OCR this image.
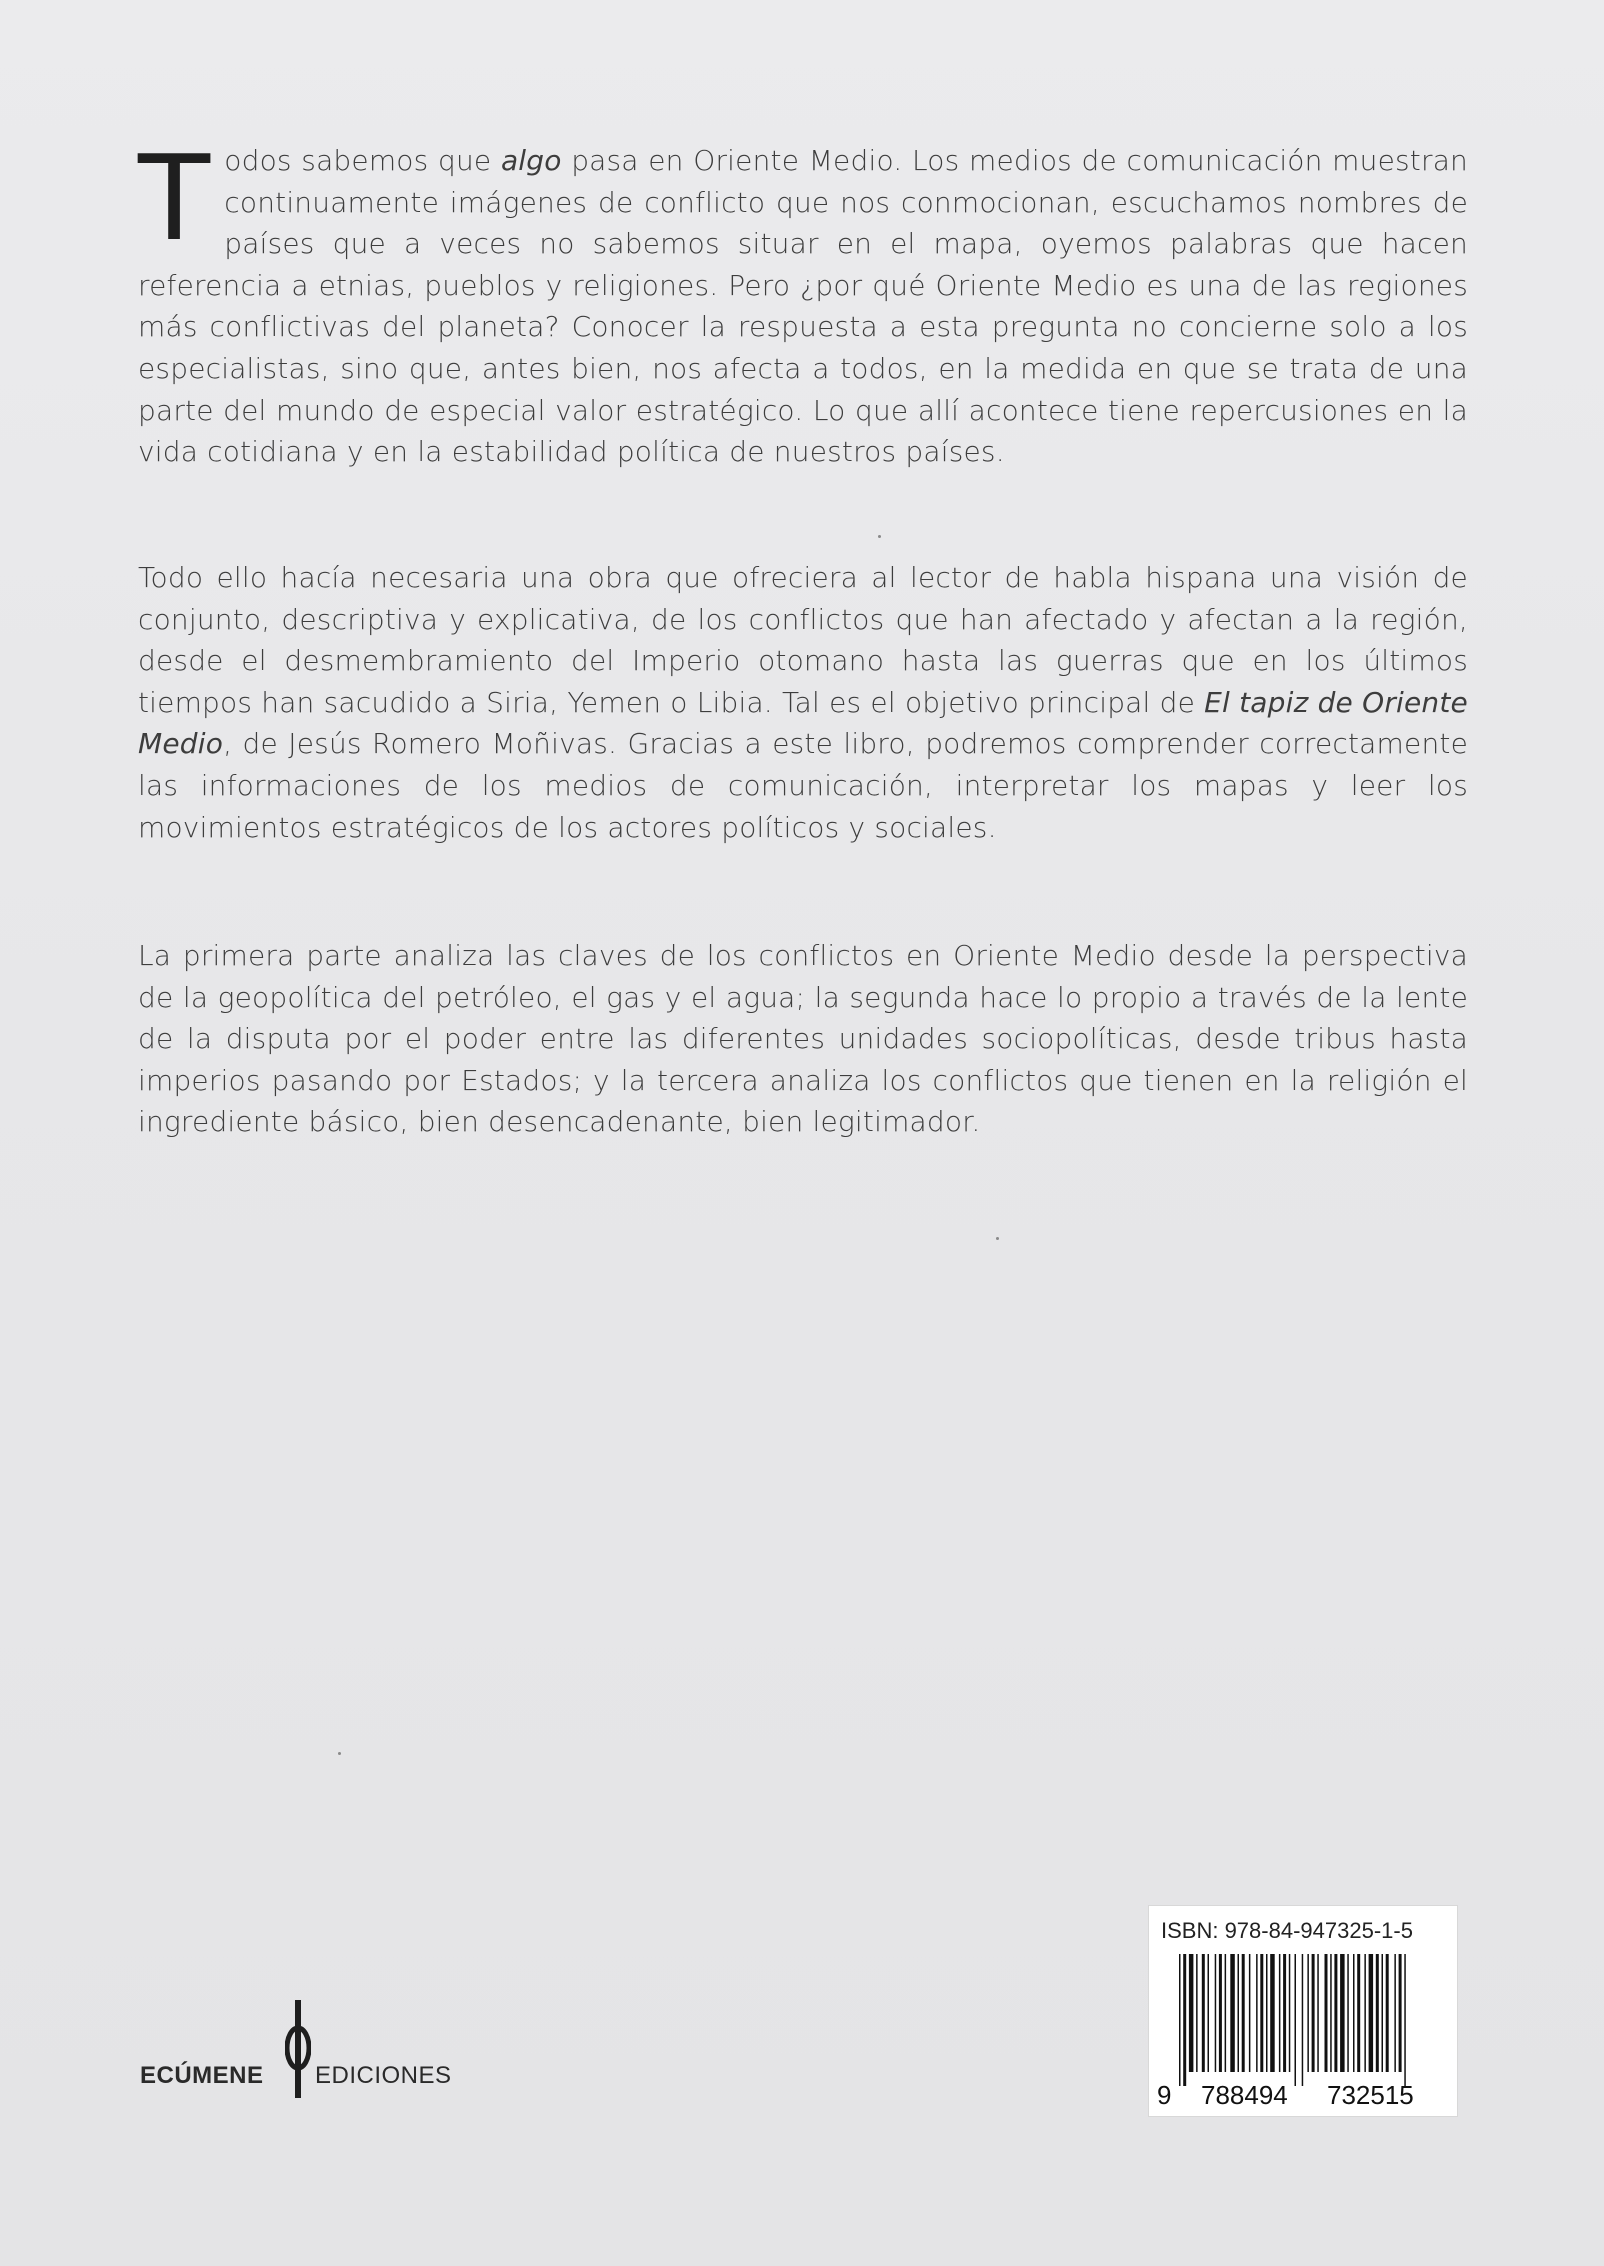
Todos sabemos que algo pasa en Oriente Medio. Los medios de comunicación muestran continuamente imágenes de conflicto que nos conmocionan, escuchamos nombres de países que a veces no sabemos situar en el mapa, oyemos palabras que hacen referencia a etnias, pueblos y religiones. Pero ¿por qué Oriente Medio es una de las regiones más conflictivas del planeta? Conocer la respuesta a esta pregunta no concierne solo a los especialistas, sino que, antes bien, nos afecta a todos, en la medida en que se trata de una parte del mundo de especial valor estratégico. Lo que allí acontece tiene repercusiones en la vida cotidiana y en la estabilidad política de nuestros países.

Todo ello hacía necesaria una obra que ofreciera al lector de habla hispana una visión de conjunto, descriptiva y explicativa, de los conflictos que han afectado y afectan a la región, desde el desmembramiento del Imperio otomano hasta las guerras que en los últimos tiempos han sacudido a Siria, Yemen o Libia. Tal es el objetivo principal de El tapiz de Oriente Medio, de Jesús Romero Moñivas. Gracias a este libro, podremos comprender correctamente las informaciones de los medios de comunicación, interpretar los mapas y leer los movimientos estratégicos de los actores políticos y sociales.

La primera parte analiza las claves de los conflictos en Oriente Medio desde la perspectiva de la geopolítica del petróleo, el gas y el agua; la segunda hace lo propio a través de la lente de la disputa por el poder entre las diferentes unidades sociopolíticas, desde tribus hasta imperios pasando por Estados; y la tercera analiza los conflictos que tienen en la religión el ingrediente básico, bien desencadenante, bien legitimador.

ECÚMENE EDICIONES
ISBN: 978-84-947325-1-5
9 788494 732515
